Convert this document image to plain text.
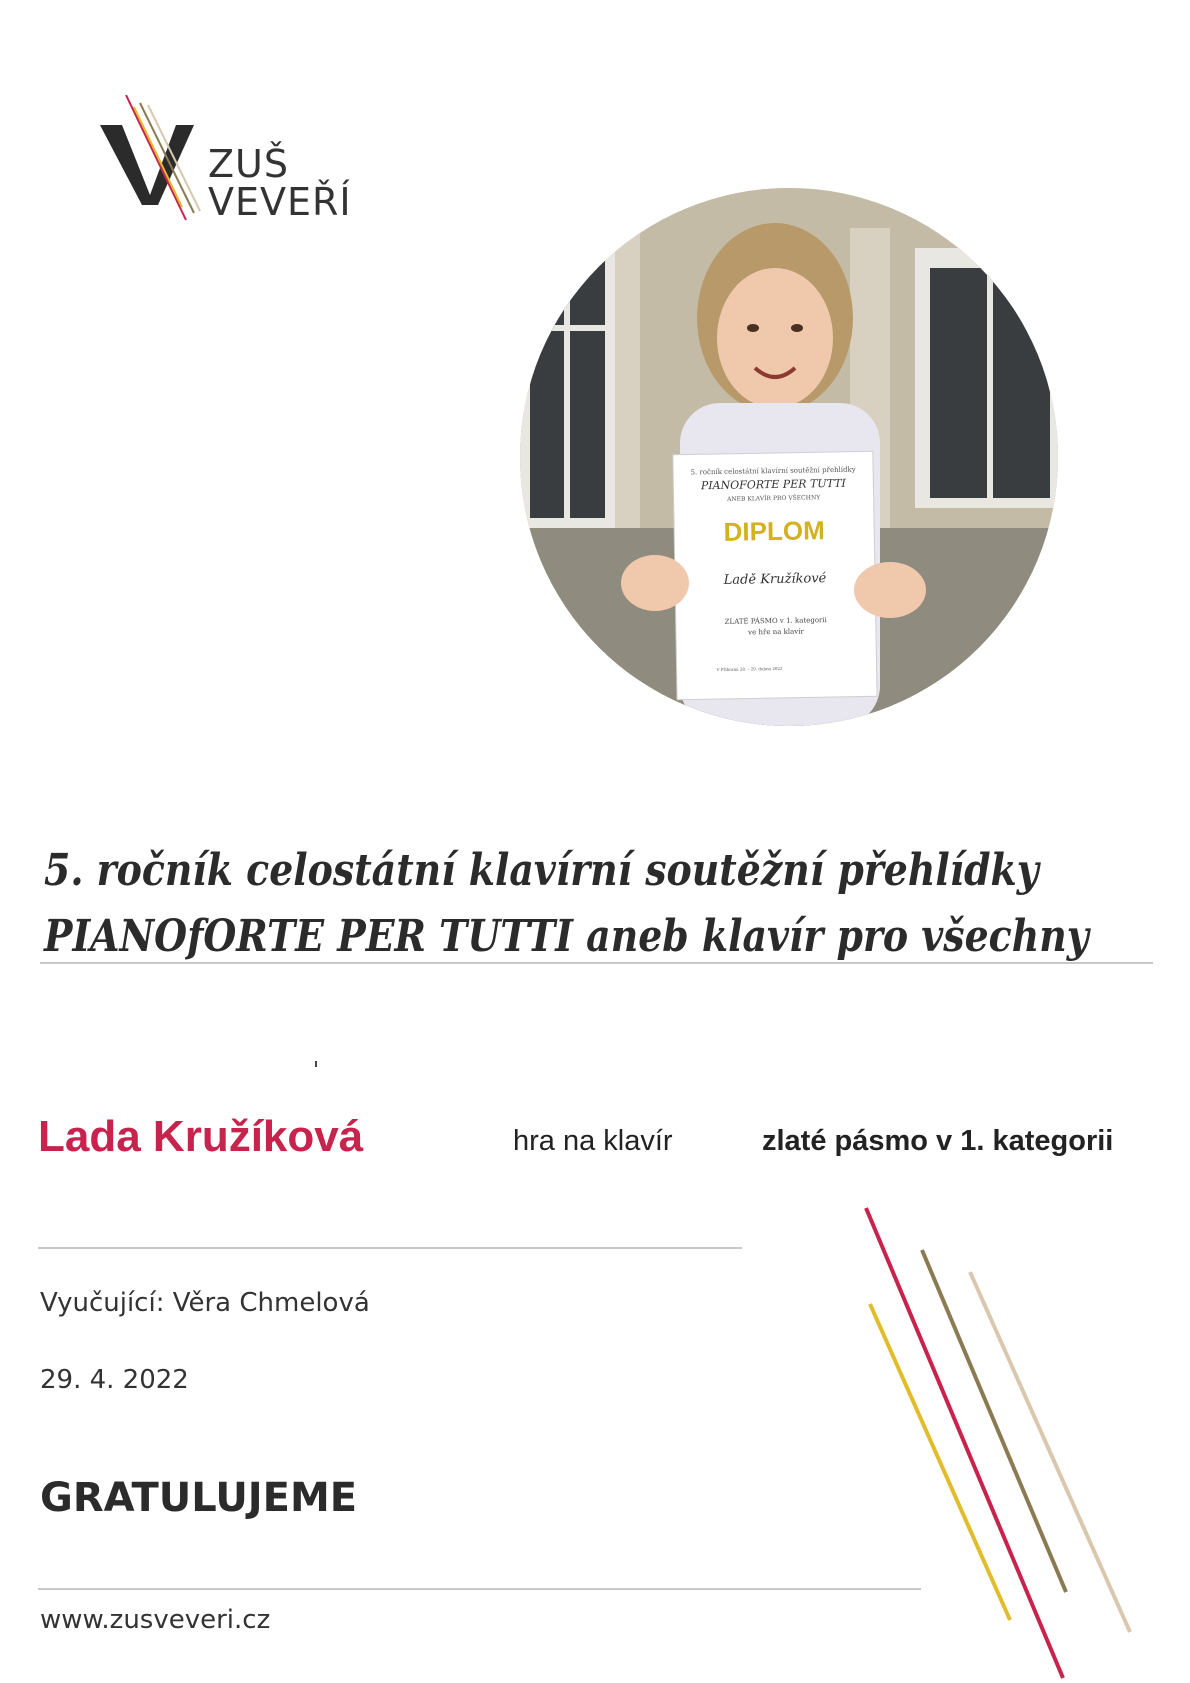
ZUŠ
VEVEŘÍ
5. ročník celostátní klavírní soutěžní přehlídky
PIANOFORTE PER TUTTI
ANEB KLAVÍR PRO VŠECHNY
DIPLOM
Ladě Kružíkové
ZLATÉ PÁSMO v 1. kategorii
ve hře na klavír
V Příbrami 28. – 29. dubna 2022
5. ročník celostátní klavírní soutěžní přehlídky
PIANOfORTE PER TUTTI aneb klavír pro všechny
Lada Kružíková	hra na klavír	zlaté pásmo v 1. kategorii
Vyučující: Věra Chmelová
29. 4. 2022
GRATULUJEME
www.zusveveri.cz
